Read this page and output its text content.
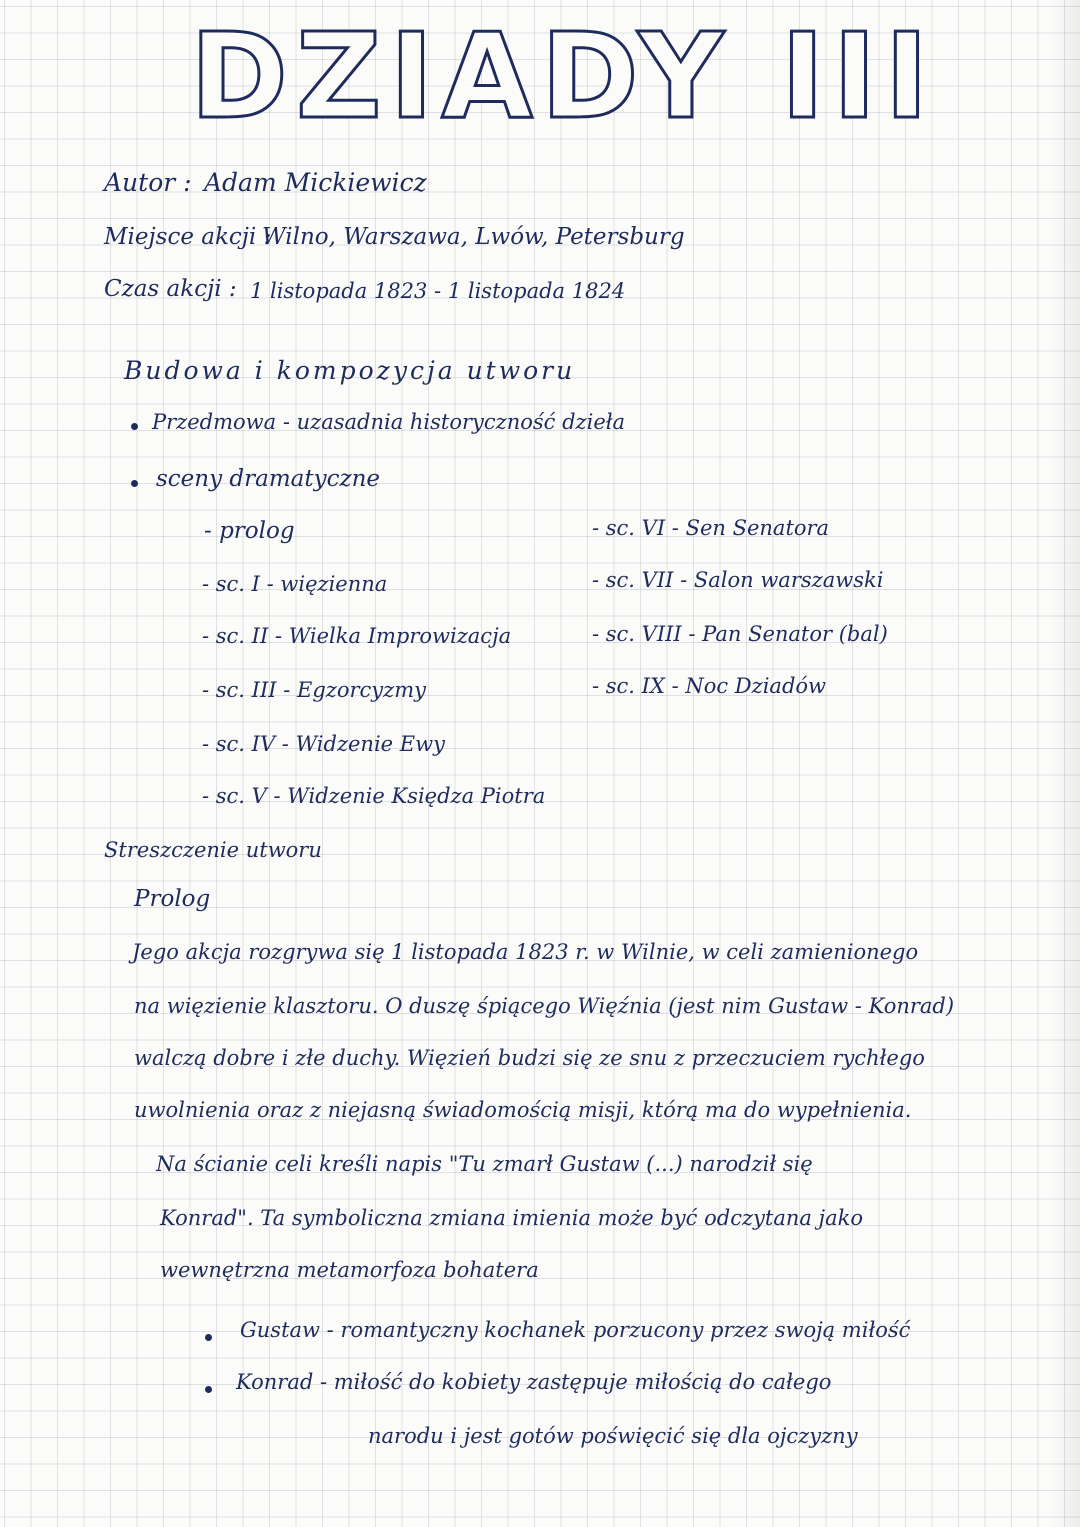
DZIADY III
Autor : Adam Mickiewicz
Miejsce akcji :
Wilno, Warszawa, Lwów, Petersburg
Czas akcji : 1 listopada 1823 - 1 listopada 1824
Budowa i kompozycja utworu
Przedmowa - uzasadnia historyczność dzieła
sceny dramatyczne
- prolog
- sc. I - więzienna
- sc. II - Wielka Improwizacja
- sc. III - Egzorcyzmy
- sc. IV - Widzenie Ewy
- sc. V - Widzenie Księdza Piotra
- sc. VI - Sen Senatora
- sc. VII - Salon warszawski
- sc. VIII - Pan Senator (bal)
- sc. IX - Noc Dziadów
Streszczenie utworu
Prolog
Jego akcja rozgrywa się 1 listopada 1823 r. w Wilnie, w celi zamienionego
na więzienie klasztoru. O duszę śpiącego Więźnia (jest nim Gustaw - Konrad)
walczą dobre i złe duchy. Więzień budzi się ze snu z przeczuciem rychłego
uwolnienia oraz z niejasną świadomością misji, którą ma do wypełnienia.
Na ścianie celi kreśli napis "Tu zmarł Gustaw (...) narodził się
Konrad". Ta symboliczna zmiana imienia może być odczytana jako
wewnętrzna metamorfoza bohatera
Gustaw - romantyczny kochanek porzucony przez swoją miłość
Konrad - miłość do kobiety zastępuje miłością do całego
narodu i jest gotów poświęcić się dla ojczyzny
